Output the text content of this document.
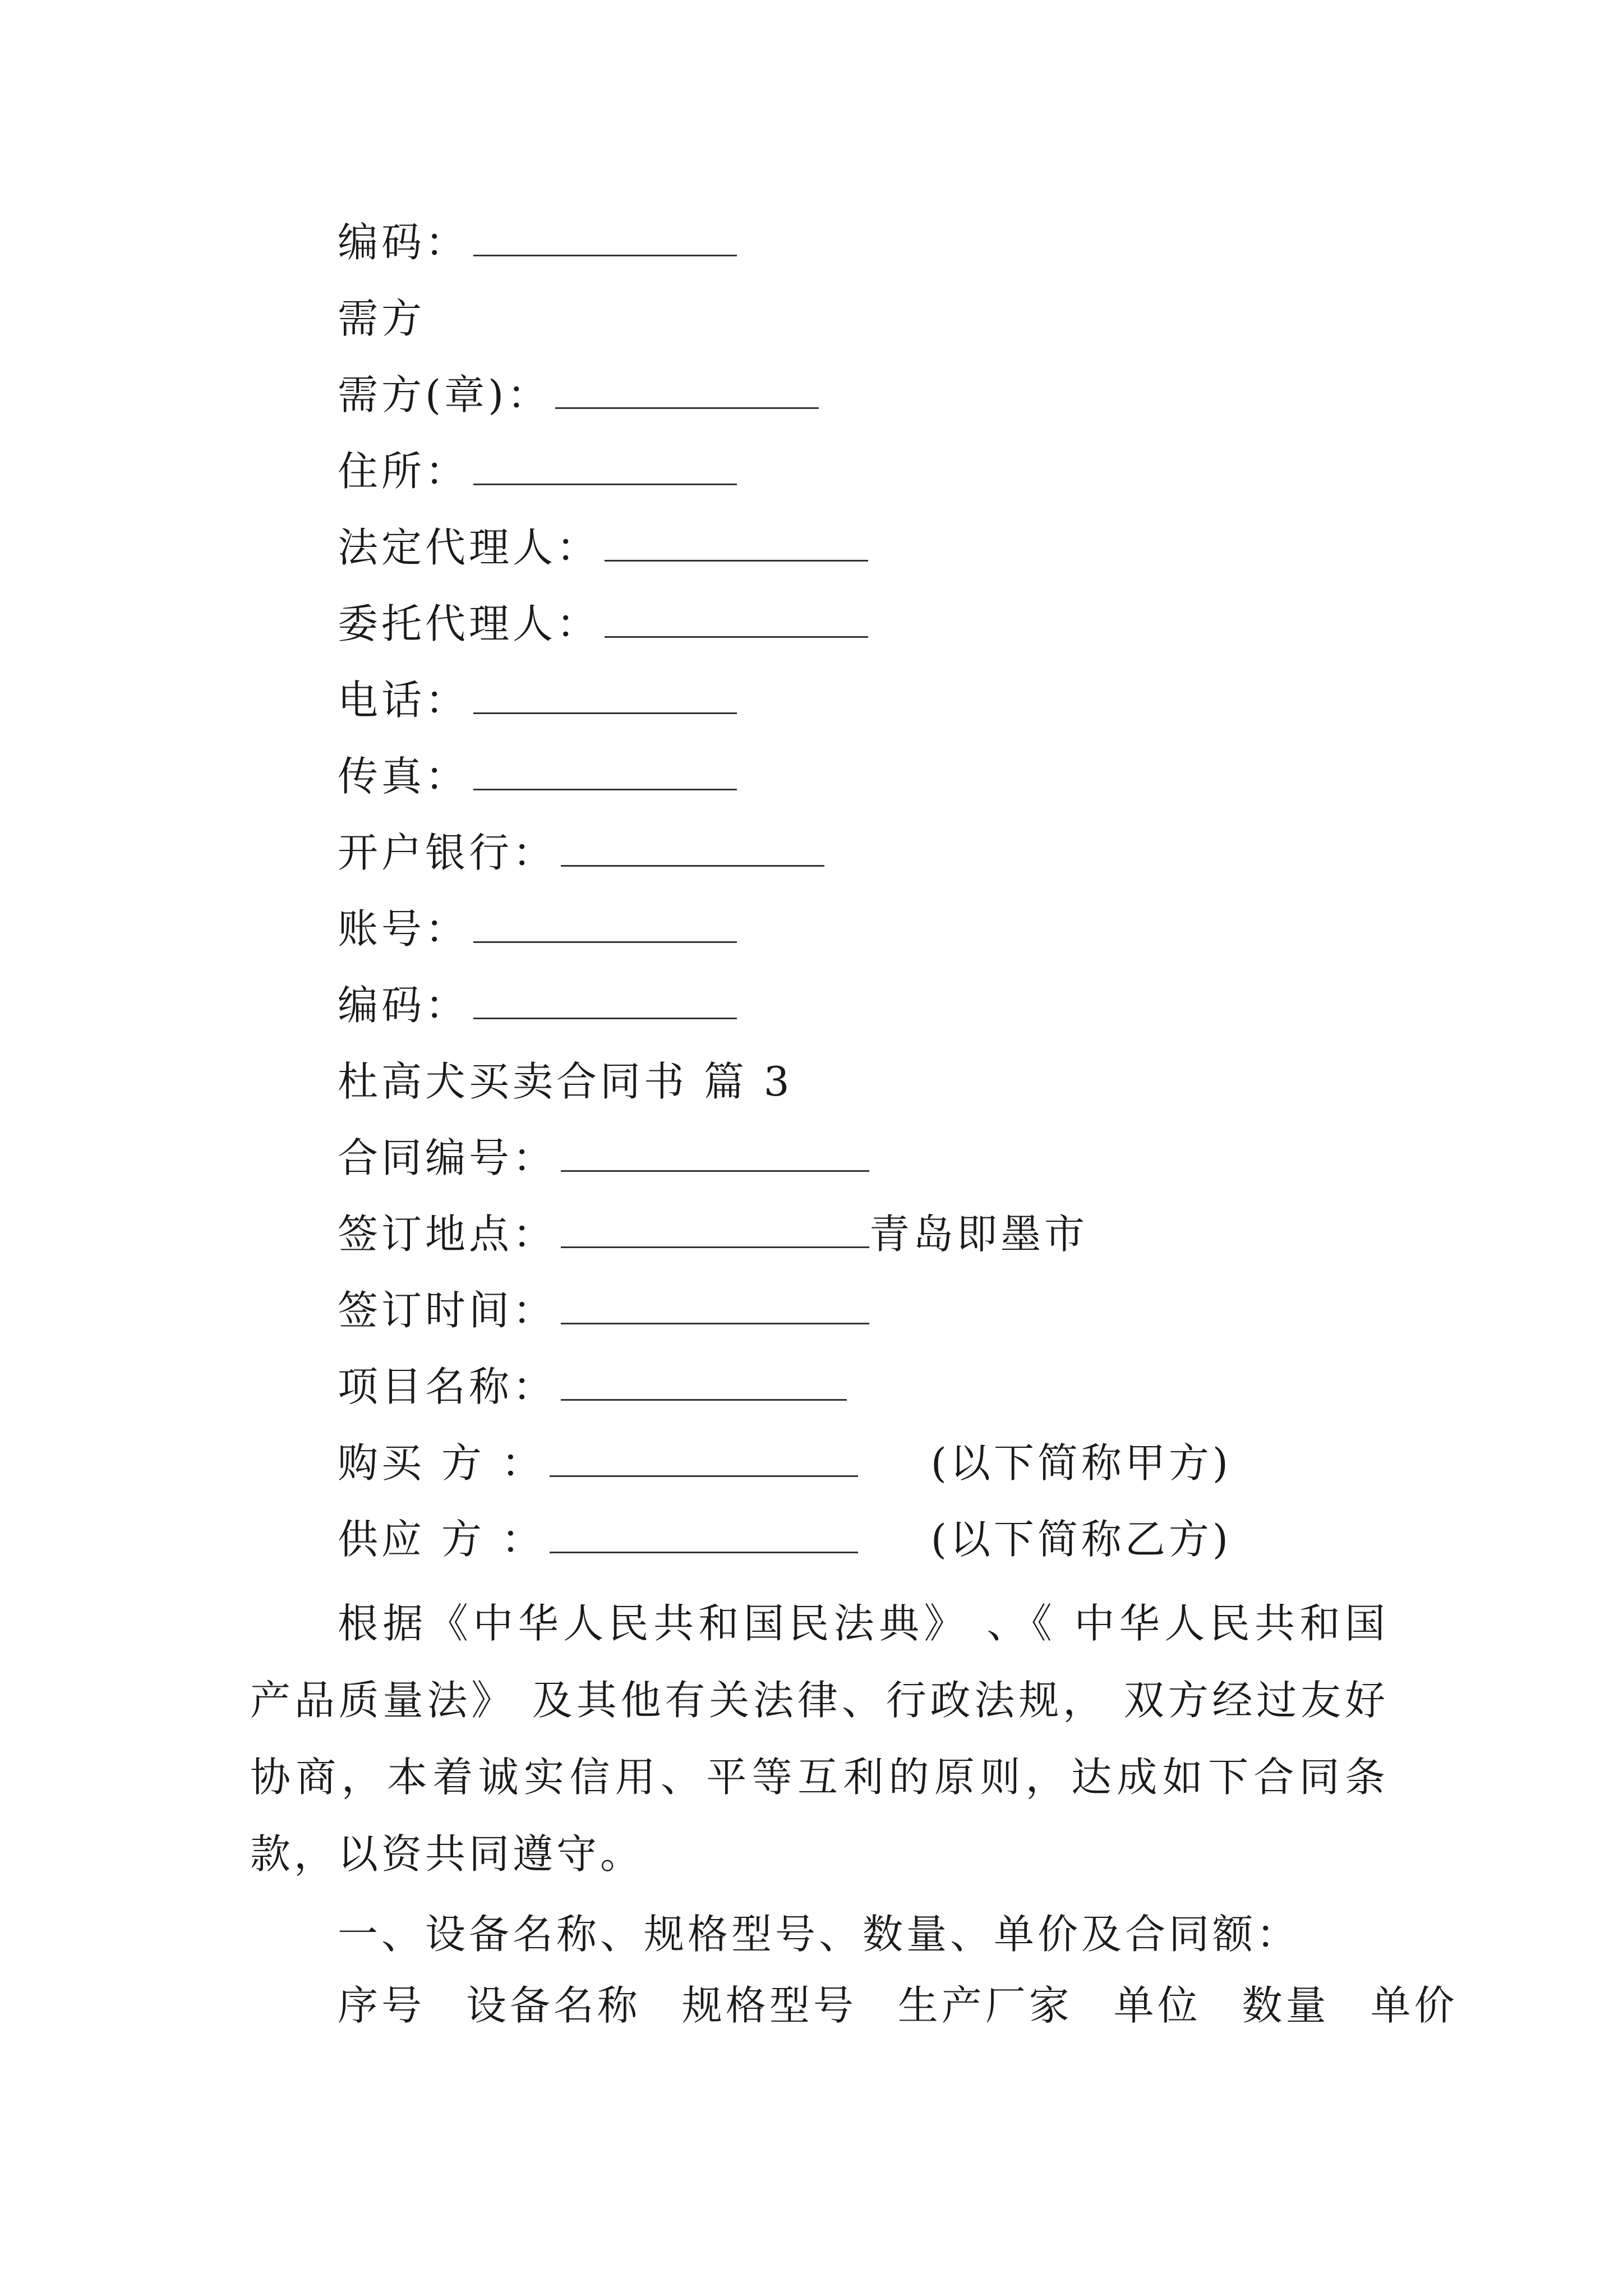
编码：
需方
需方(章)：
住所：
法定代理人：
委托代理人：
电话：
传真：
开户银行：
账号：
编码：
杜高犬买卖合同书 篇 3
合同编号：
签订地点：	青岛即墨市
签订时间：
项目名称：
购买 方 ：	(以下简称甲方)
供应 方 ：	(以下简称乙方)
根据《中华人民共和国民法典》 、《 中华人民共和国产品质量法》 及其他有关法律、行政法规， 双方经过友好协商，本着诚实信用、平等互利的原则，达成如下合同条款，以资共同遵守。
一、设备名称、规格型号、数量、单价及合同额：
序号 设备名称 规格型号 生产厂家 单位 数量 单价
